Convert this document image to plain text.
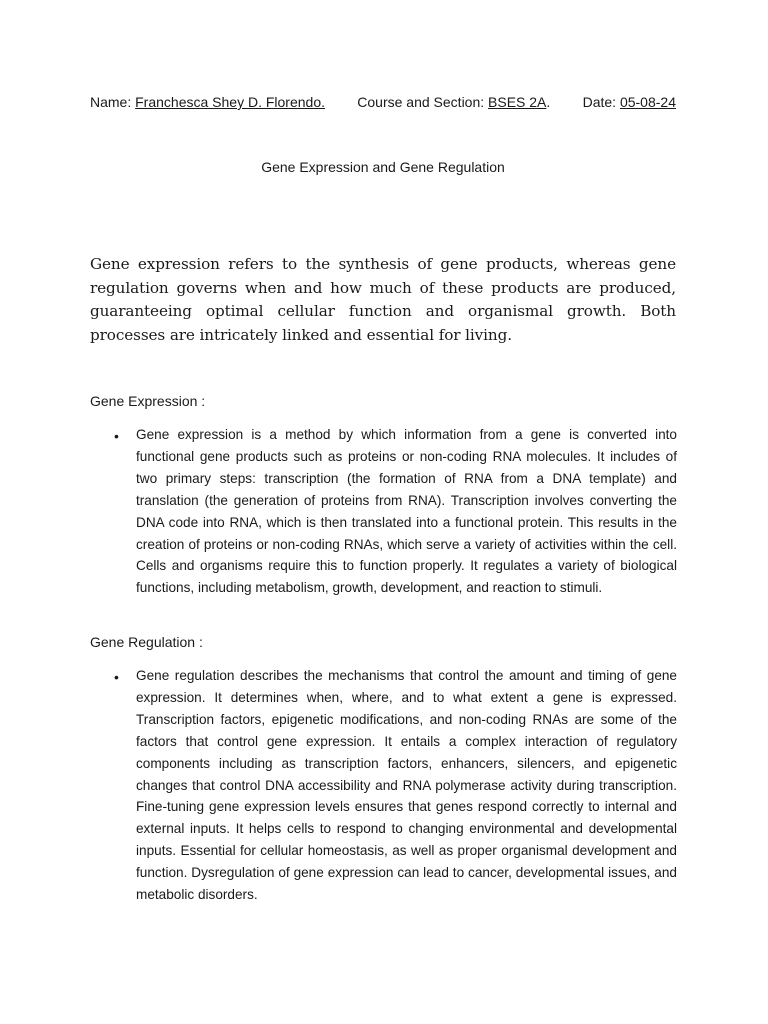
Name: Franchesca Shey D. Florendo. Course and Section: BSES 2A. Date: 05-08-24
Gene Expression and Gene Regulation

Gene expression refers to the synthesis of gene products, whereas gene regulation governs when and how much of these products are produced, guaranteeing optimal cellular function and organismal growth. Both processes are intricately linked and essential for living.

Gene Expression :

• Gene expression is a method by which information from a gene is converted into functional gene products such as proteins or non-coding RNA molecules. It includes of two primary steps: transcription (the formation of RNA from a DNA template) and translation (the generation of proteins from RNA). Transcription involves converting the DNA code into RNA, which is then translated into a functional protein. This results in the creation of proteins or non-coding RNAs, which serve a variety of activities within the cell. Cells and organisms require this to function properly. It regulates a variety of biological functions, including metabolism, growth, development, and reaction to stimuli.

Gene Regulation :

• Gene regulation describes the mechanisms that control the amount and timing of gene expression. It determines when, where, and to what extent a gene is expressed. Transcription factors, epigenetic modifications, and non-coding RNAs are some of the factors that control gene expression. It entails a complex interaction of regulatory components including as transcription factors, enhancers, silencers, and epigenetic changes that control DNA accessibility and RNA polymerase activity during transcription. Fine-tuning gene expression levels ensures that genes respond correctly to internal and external inputs. It helps cells to respond to changing environmental and developmental inputs. Essential for cellular homeostasis, as well as proper organismal development and function. Dysregulation of gene expression can lead to cancer, developmental issues, and metabolic disorders.
